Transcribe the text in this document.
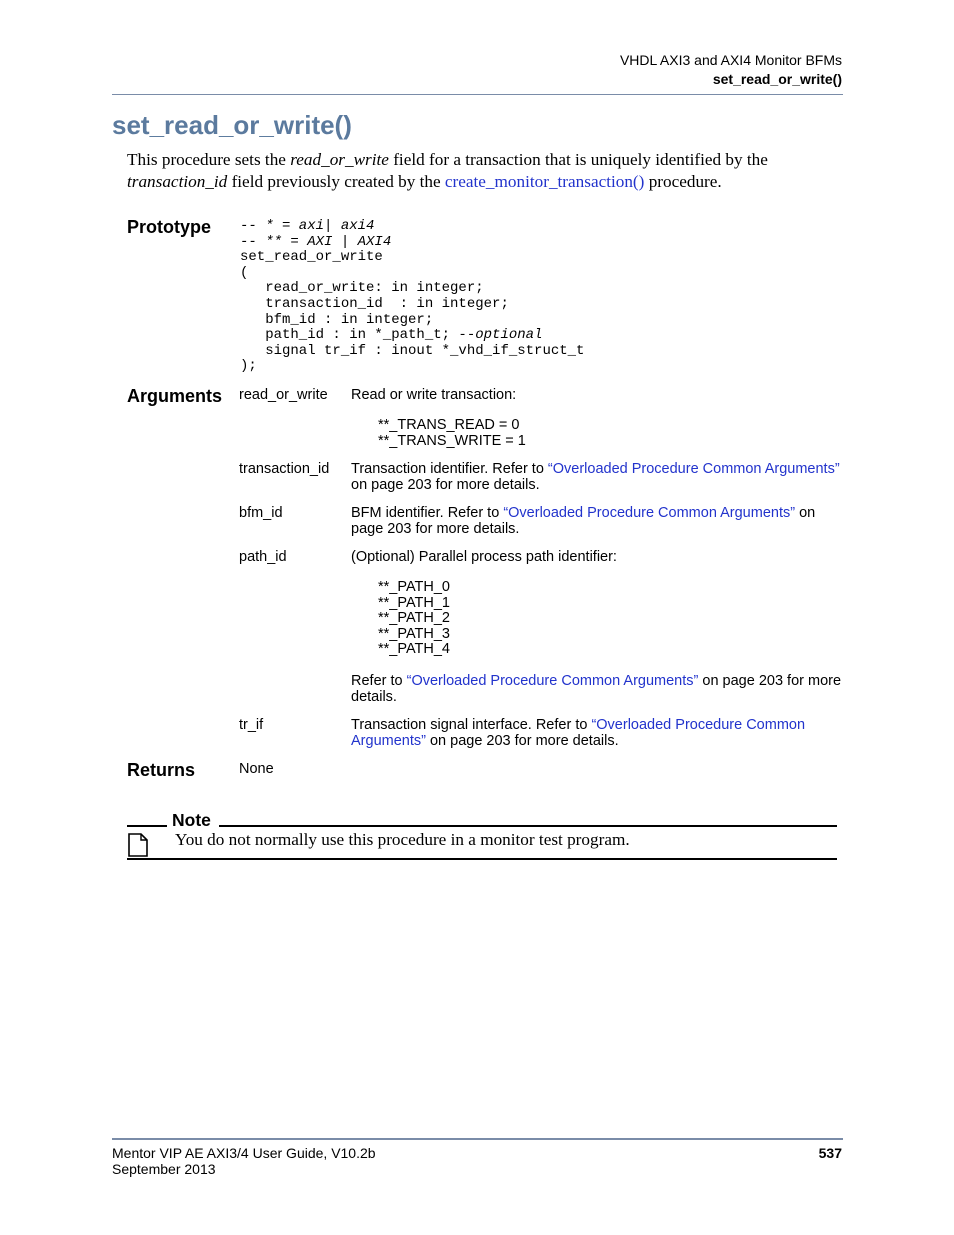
VHDL AXI3 and AXI4 Monitor BFMs
set_read_or_write()
set_read_or_write()
This procedure sets the read_or_write field for a transaction that is uniquely identified by the transaction_id field previously created by the create_monitor_transaction() procedure.
Prototype -- * = axi| axi4
-- ** = AXI | AXI4
set_read_or_write
(
read_or_write: in integer;
transaction_id  : in integer;
bfm_id : in integer;
path_id : in *_path_t; --optional
signal tr_if : inout *_vhd_if_struct_t
);
Arguments read_or_write Read or write transaction:
**_TRANS_READ = 0
**_TRANS_WRITE = 1
transaction_id Transaction identifier. Refer to “Overloaded Procedure Common Arguments” on page 203 for more details.
bfm_id	BFM identifier. Refer to “Overloaded Procedure Common Arguments” on page 203 for more details.
path_id	(Optional) Parallel process path identifier:
**_PATH_0
**_PATH_1
**_PATH_2
**_PATH_3
**_PATH_4
Refer to “Overloaded Procedure Common Arguments” on page 203 for more details.
tr_if	Transaction signal interface. Refer to “Overloaded Procedure Common Arguments” on page 203 for more details.
Returns	None
Note
You do not normally use this procedure in a monitor test program.
Mentor VIP AE AXI3/4 User Guide, V10.2b
September 2013
537
